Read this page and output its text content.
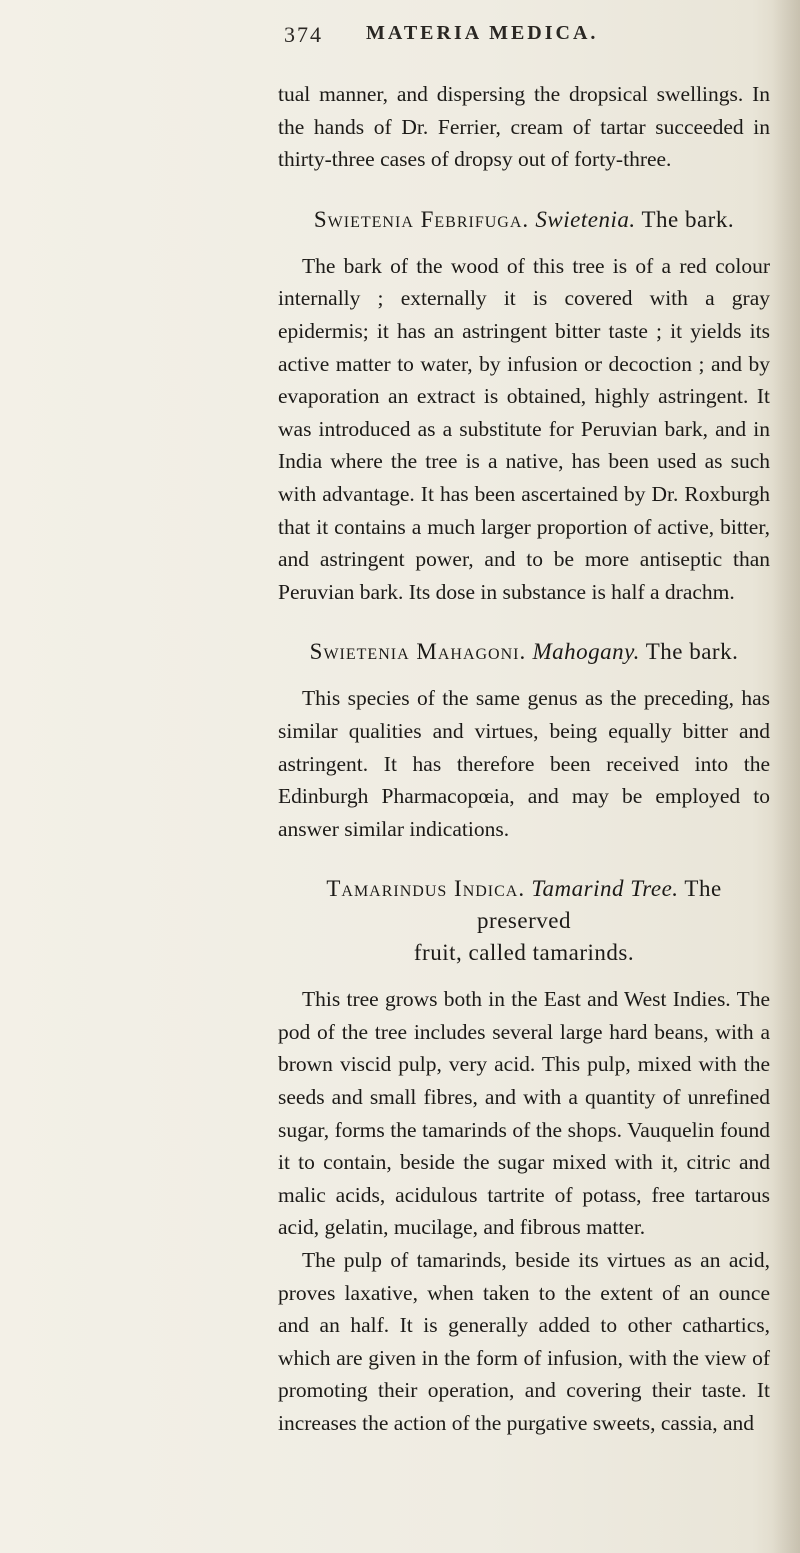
374 MATERIA MEDICA.

tual manner, and dispersing the dropsical swellings. In the hands of Dr. Ferrier, cream of tartar succeeded in thirty-three cases of dropsy out of forty-three.

Swietenia Febrifuga. Swietenia. The bark.

The bark of the wood of this tree is of a red colour internally ; externally it is covered with a gray epidermis; it has an astringent bitter taste ; it yields its active matter to water, by infusion or decoction ; and by evaporation an extract is obtained, highly astringent. It was introduced as a substitute for Peruvian bark, and in India where the tree is a native, has been used as such with advantage. It has been ascertained by Dr. Roxburgh that it contains a much larger proportion of active, bitter, and astringent power, and to be more antiseptic than Peruvian bark. Its dose in substance is half a drachm.

Swietenia Mahagoni. Mahogany. The bark.

This species of the same genus as the preceding, has similar qualities and virtues, being equally bitter and astringent. It has therefore been received into the Edinburgh Pharmacopœia, and may be employed to answer similar indications.

Tamarindus Indica. Tamarind Tree. The preserved
fruit, called tamarinds.

This tree grows both in the East and West Indies. The pod of the tree includes several large hard beans, with a brown viscid pulp, very acid. This pulp, mixed with the seeds and small fibres, and with a quantity of unrefined sugar, forms the tamarinds of the shops. Vauquelin found it to contain, beside the sugar mixed with it, citric and malic acids, acidulous tartrite of potass, free tartarous acid, gelatin, mucilage, and fibrous matter.

The pulp of tamarinds, beside its virtues as an acid, proves laxative, when taken to the extent of an ounce and an half. It is generally added to other cathartics, which are given in the form of infusion, with the view of promoting their operation, and covering their taste. It increases the action of the purgative sweets, cassia, and
